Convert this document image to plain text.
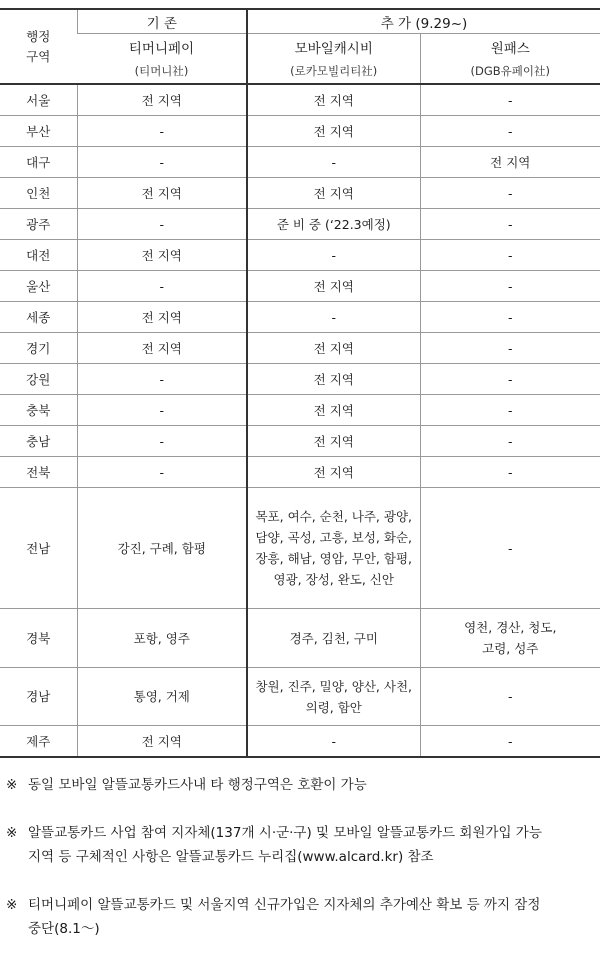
행정
구역	기 존	추 가 (9.29~)	
	티머니페이	모바일캐시비	원패스
	(티머니社)	(로카모빌리티社)	(DGB유페이社)
서울	전 지역	전 지역	-
부산	-	전 지역	-
대구	-	-	전 지역
인천	전 지역	전 지역	-
광주	-	준 비 중 (‘22.3예정)	-
대전	전 지역	-	-
울산	-	전 지역	-
세종	전 지역	-	-
경기	전 지역	전 지역	-
강원	-	전 지역	-
충북	-	전 지역	-
충남	-	전 지역	-
전북	-	전 지역	-
전남	강진, 구례, 함평	목포, 여수, 순천, 나주, 광양,
담양, 곡성, 고흥, 보성, 화순,
장흥, 해남, 영암, 무안, 함평,
영광, 장성, 완도, 신안	-
경북	포항, 영주	경주, 김천, 구미	영천, 경산, 청도,
고령, 성주
경남	통영, 거제	창원, 진주, 밀양, 양산, 사천,
의령, 함안	-
제주	전 지역	-	-
※ 동일 모바일 알뜰교통카드사내 타 행정구역은 호환이 가능
※ 알뜰교통카드 사업 참여 지자체(137개 시·군·구) 및 모바일 알뜰교통카드 회원가입 가능
지역 등 구체적인 사항은 알뜰교통카드 누리집(www.alcard.kr) 참조
※ 티머니페이 알뜰교통카드 및 서울지역 신규가입은 지자체의 추가예산 확보 등 까지 잠정
중단(8.1～)
